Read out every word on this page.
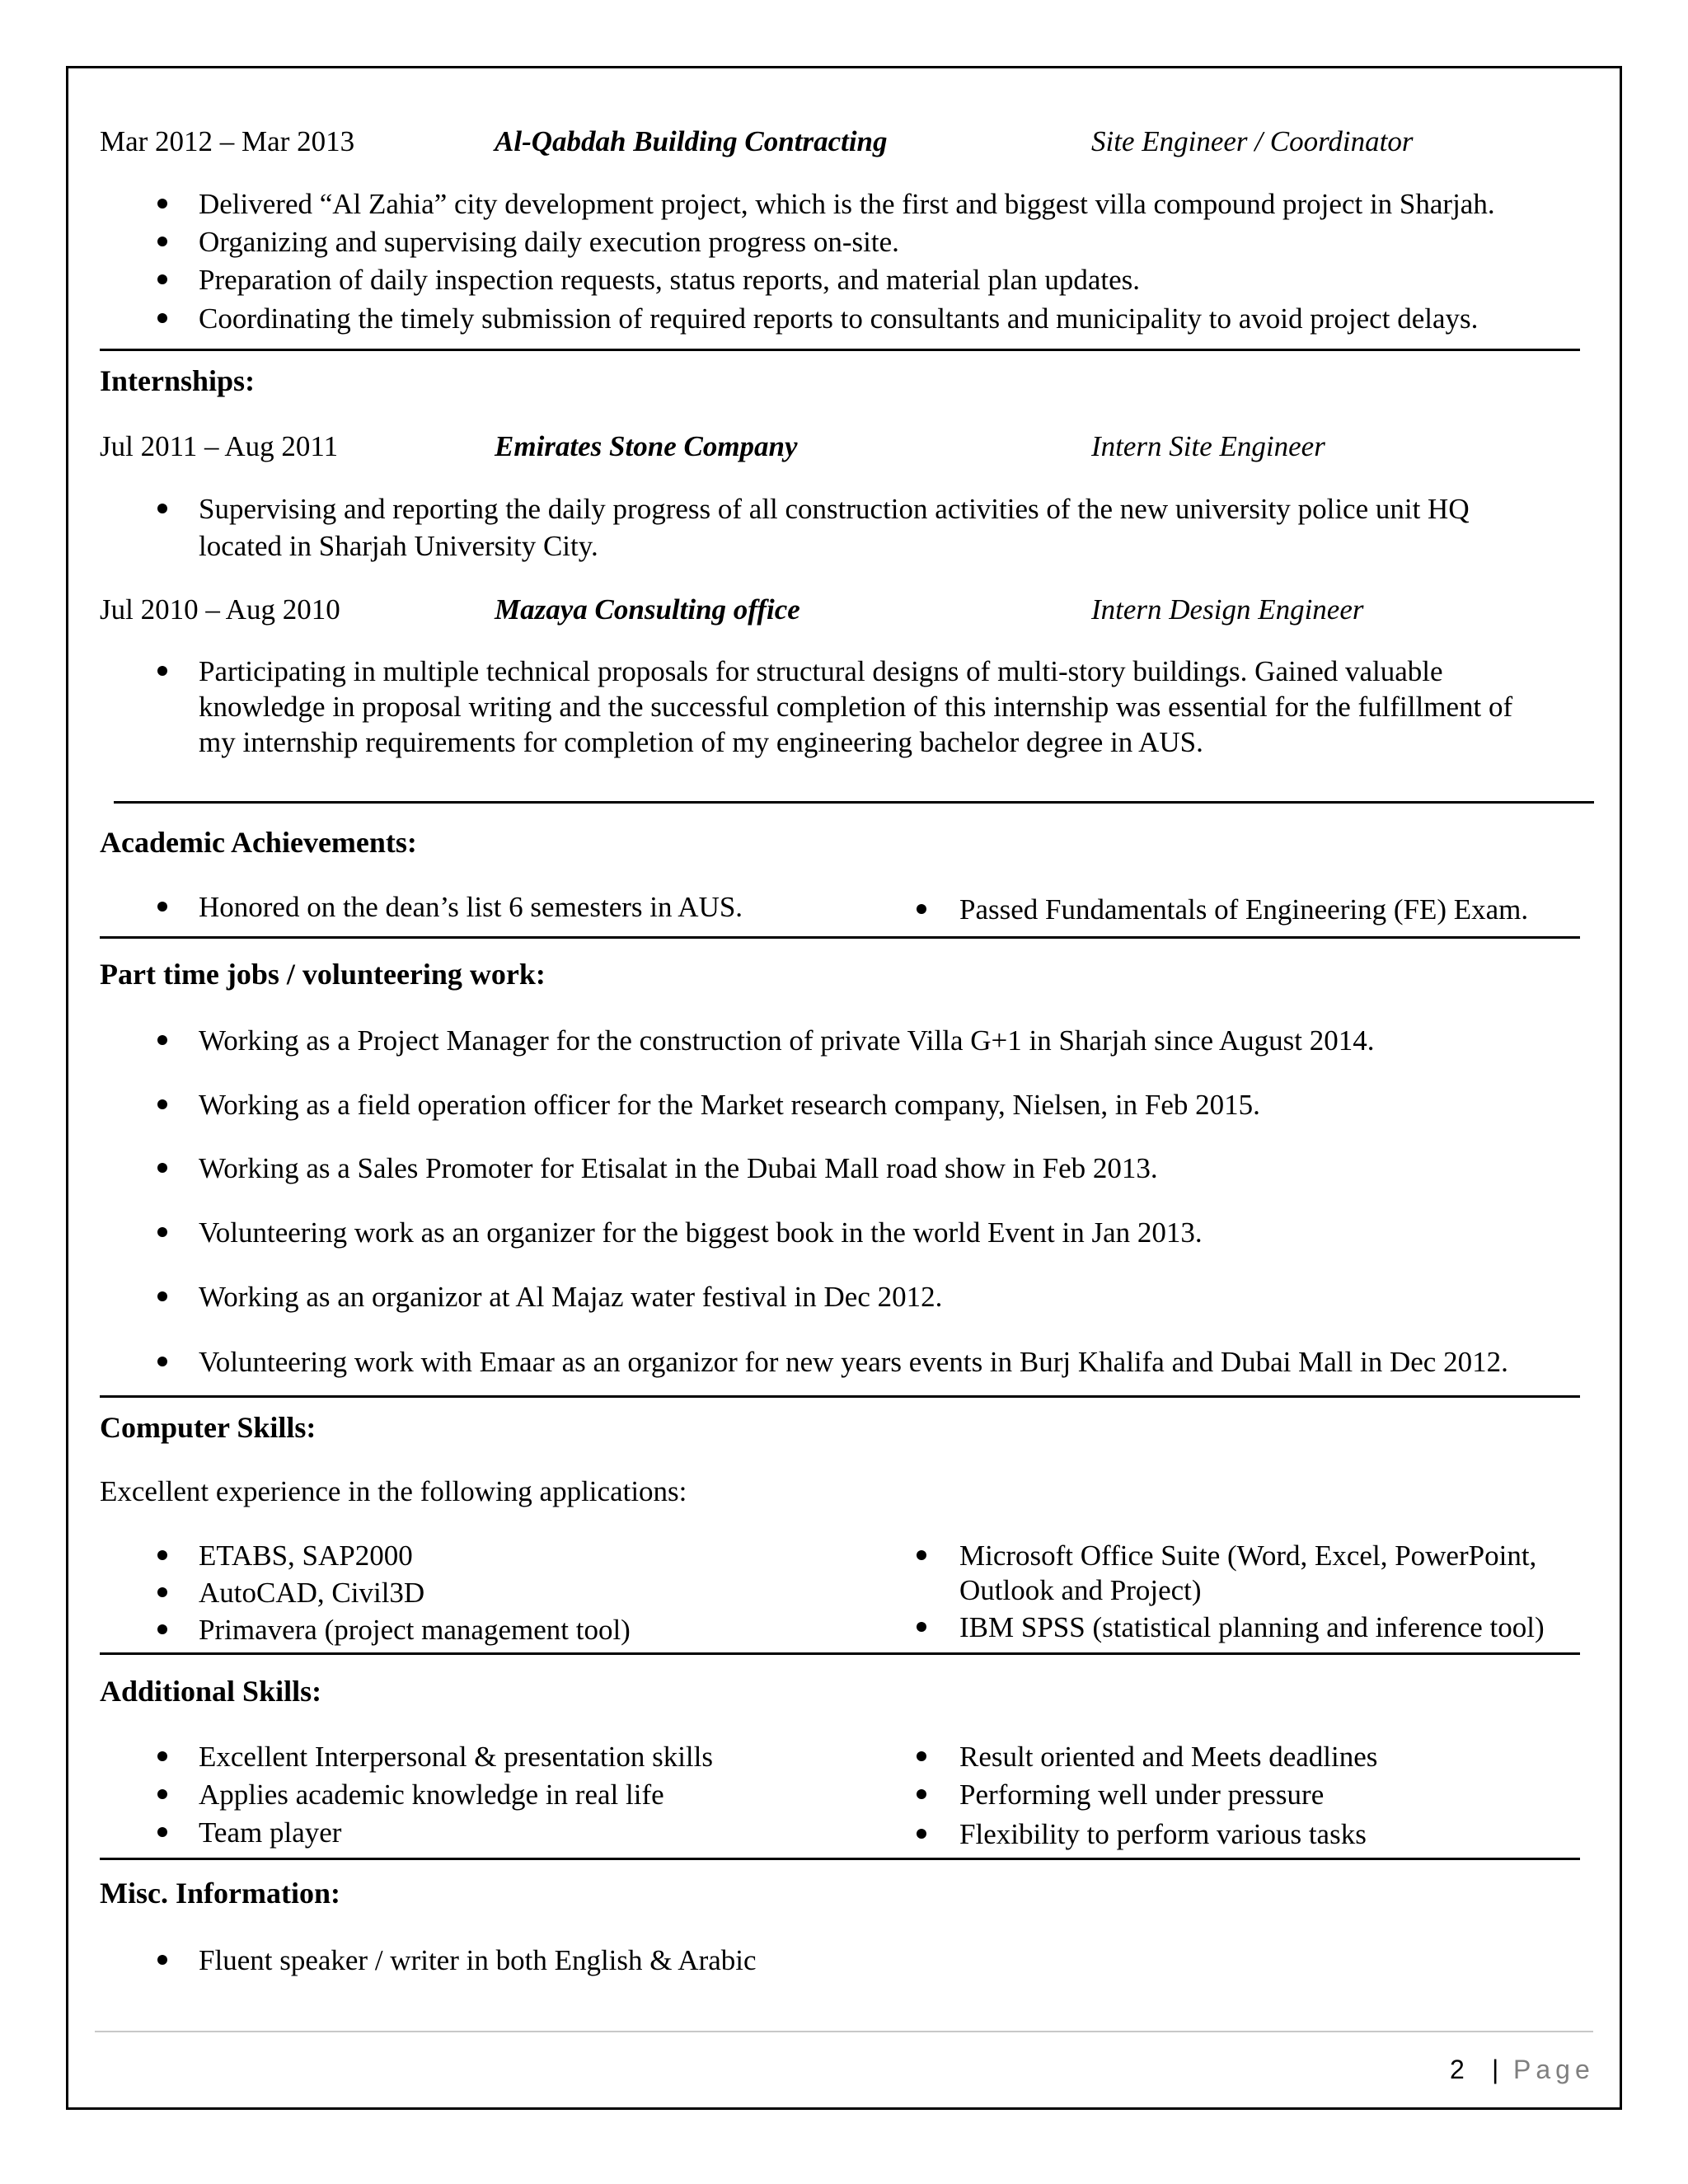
Mar 2012 – Mar 2013	Al-Qabdah Building Contracting	Site Engineer / Coordinator
Delivered “Al Zahia” city development project, which is the first and biggest villa compound project in Sharjah.
Organizing and supervising daily execution progress on-site.
Preparation of daily inspection requests, status reports, and material plan updates.
Coordinating the timely submission of required reports to consultants and municipality to avoid project delays.
Internships:
Jul 2011 – Aug 2011	Emirates Stone Company	Intern Site Engineer
Supervising and reporting the daily progress of all construction activities of the new university police unit HQ
located in Sharjah University City.
Jul 2010 – Aug 2010	Mazaya Consulting office	Intern Design Engineer
Participating in multiple technical proposals for structural designs of multi-story buildings. Gained valuable
knowledge in proposal writing and the successful completion of this internship was essential for the fulfillment of
my internship requirements for completion of my engineering bachelor degree in AUS.
Academic Achievements:
Honored on the dean’s list 6 semesters in AUS.	Passed Fundamentals of Engineering (FE) Exam.
Part time jobs / volunteering work:
Working as a Project Manager for the construction of private Villa G+1 in Sharjah since August 2014.
Working as a field operation officer for the Market research company, Nielsen, in Feb 2015.
Working as a Sales Promoter for Etisalat in the Dubai Mall road show in Feb 2013.
Volunteering work as an organizer for the biggest book in the world Event in Jan 2013.
Working as an organizor at Al Majaz water festival in Dec 2012.
Volunteering work with Emaar as an organizor for new years events in Burj Khalifa and Dubai Mall in Dec 2012.
Computer Skills:
Excellent experience in the following applications:
ETABS, SAP2000
AutoCAD, Civil3D
Primavera (project management tool)
Microsoft Office Suite (Word, Excel, PowerPoint,
Outlook and Project)
IBM SPSS (statistical planning and inference tool)
Additional Skills:
Excellent Interpersonal & presentation skills
Applies academic knowledge in real life
Team player
Result oriented and Meets deadlines
Performing well under pressure
Flexibility to perform various tasks
Misc. Information:
Fluent speaker / writer in both English & Arabic
2 | Page
